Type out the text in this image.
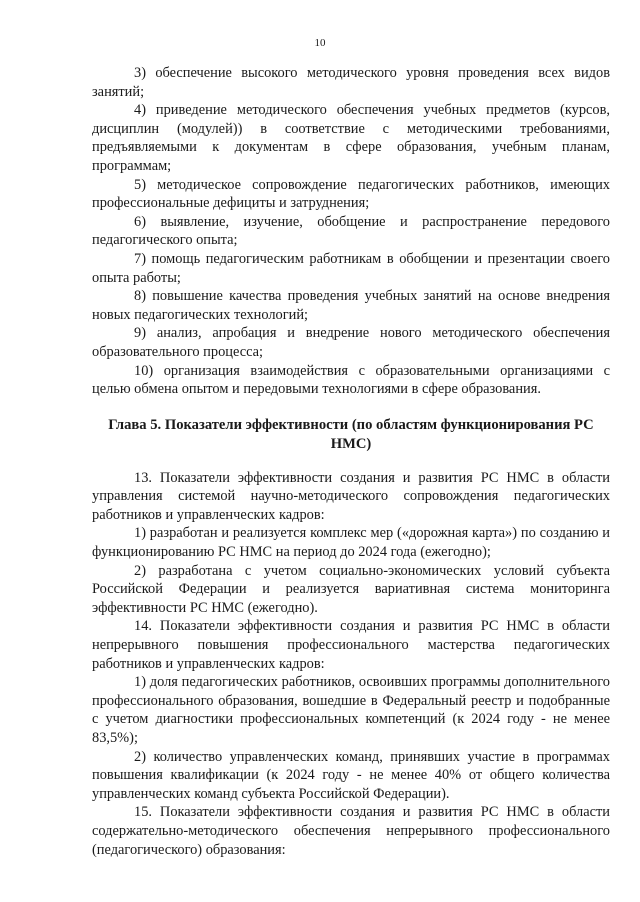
10

3) обеспечение высокого методического уровня проведения всех видов занятий;

4) приведение методического обеспечения учебных предметов (курсов, дисциплин (модулей)) в соответствие с методическими требованиями, предъявляемыми к документам в сфере образования, учебным планам, программам;

5) методическое сопровождение педагогических работников, имеющих профессиональные дефициты и затруднения;

6) выявление, изучение, обобщение и распространение передового педагогического опыта;

7) помощь педагогическим работникам в обобщении и презентации своего опыта работы;

8) повышение качества проведения учебных занятий на основе внедрения новых педагогических технологий;

9) анализ, апробация и внедрение нового методического обеспечения образовательного процесса;

10) организация взаимодействия с образовательными организациями с целью обмена опытом и передовыми технологиями в сфере образования.

Глава 5. Показатели эффективности (по областям функционирования РС НМС)

13. Показатели эффективности создания и развития РС НМС в области управления системой научно-методического сопровождения педагогических работников и управленческих кадров:

1) разработан и реализуется комплекс мер («дорожная карта») по созданию и функционированию РС НМС на период до 2024 года (ежегодно);

2) разработана с учетом социально-экономических условий субъекта Российской Федерации и реализуется вариативная система мониторинга эффективности РС НМС (ежегодно).

14. Показатели эффективности создания и развития РС НМС в области непрерывного повышения профессионального мастерства педагогических работников и управленческих кадров:

1) доля педагогических работников, освоивших программы дополнительного профессионального образования, вошедшие в Федеральный реестр и подобранные с учетом диагностики профессиональных компетенций (к 2024 году - не менее 83,5%);

2) количество управленческих команд, принявших участие в программах повышения квалификации (к 2024 году - не менее 40% от общего количества управленческих команд субъекта Российской Федерации).

15. Показатели эффективности создания и развития РС НМС в области содержательно-методического обеспечения непрерывного профессионального (педагогического) образования:
